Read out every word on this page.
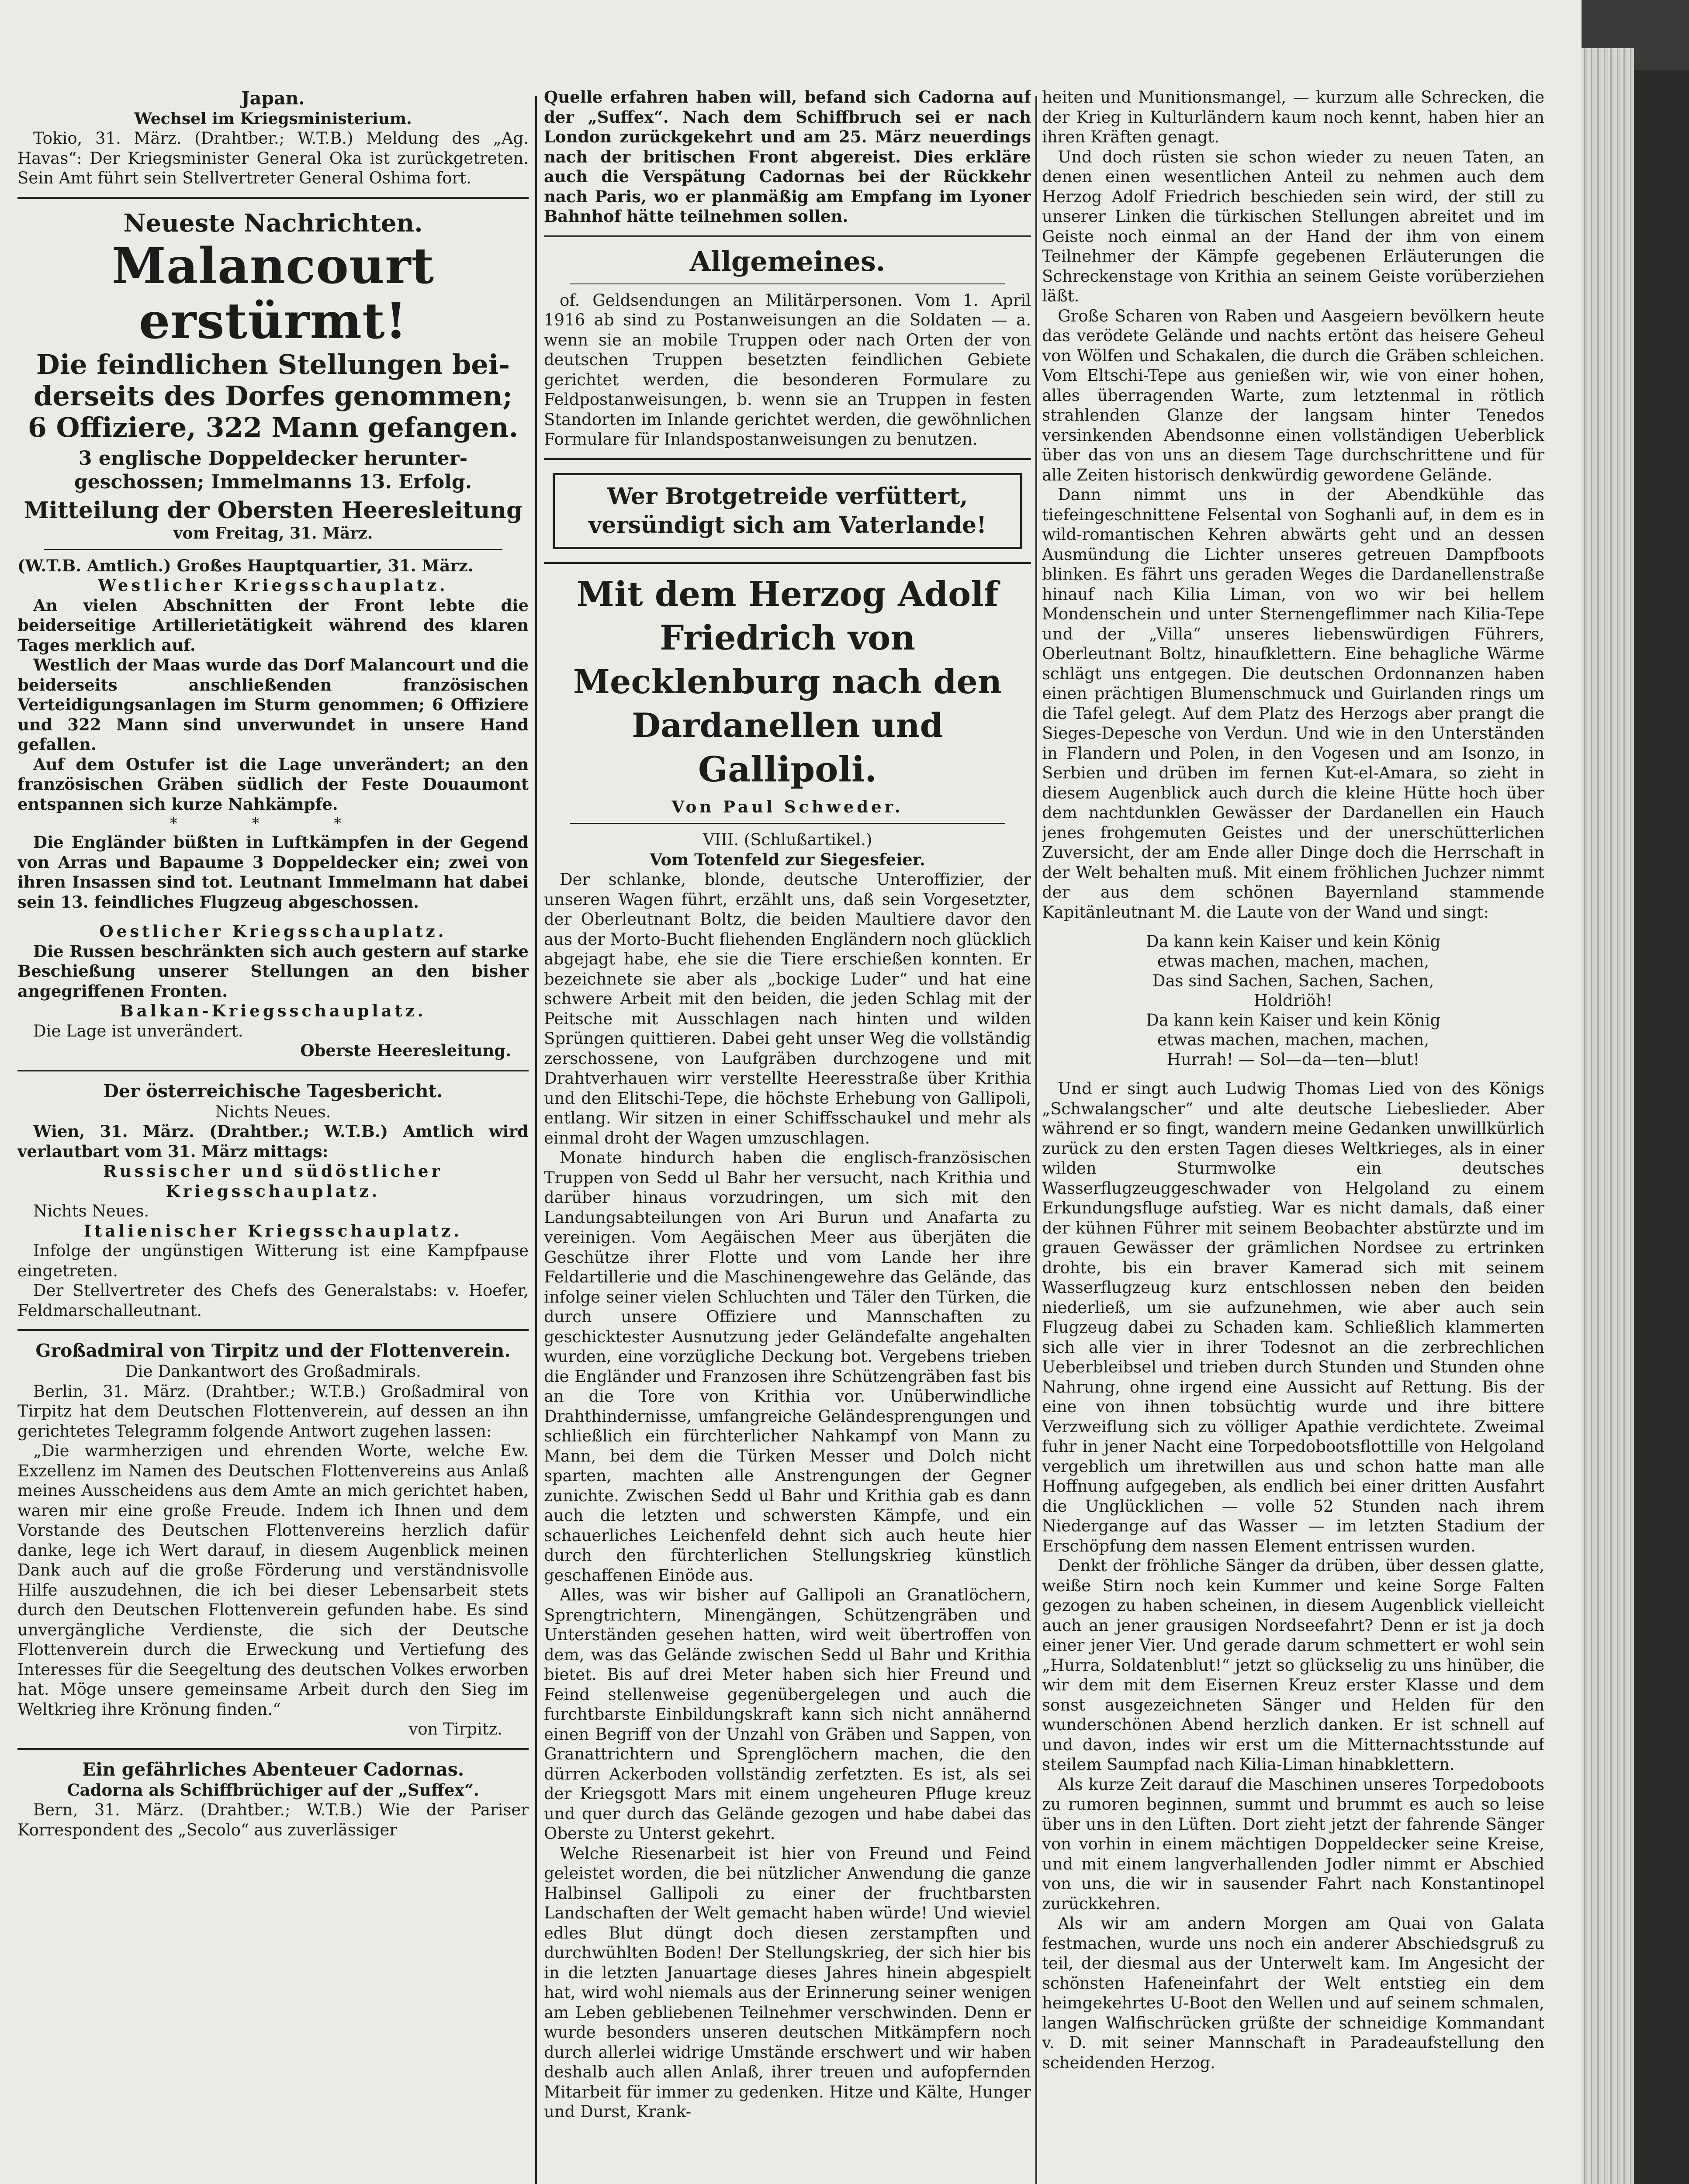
Japan.
Wechsel im Kriegsministerium.
Tokio, 31. März. (Drahtber.; W.T.B.) Meldung des „Ag. Havas“: Der Kriegsminister General Oka ist zurückgetreten. Sein Amt führt sein Stellvertreter General Oshima fort.
Neueste Nachrichten.
Malancourt erstürmt!
Die feindlichen Stellungen bei-
derseits des Dorfes genommen;
6 Offiziere, 322 Mann gefangen.
3 englische Doppeldecker herunter-
geschossen; Immelmanns 13. Erfolg.
Mitteilung der Obersten Heeresleitung
vom Freitag, 31. März.
(W.T.B. Amtlich.) Großes Hauptquartier, 31. März.
Westlicher Kriegsschauplatz.
An vielen Abschnitten der Front lebte die beiderseitige Artillerietätigkeit während des klaren Tages merklich auf.
Westlich der Maas wurde das Dorf Malancourt und die beiderseits anschließenden französischen Verteidigungsanlagen im Sturm genommen; 6 Offiziere und 322 Mann sind unverwundet in unsere Hand gefallen.
Auf dem Ostufer ist die Lage unverändert; an den französischen Gräben südlich der Feste Douaumont entspannen sich kurze Nahkämpfe.
* * *
Die Engländer büßten in Luftkämpfen in der Gegend von Arras und Bapaume 3 Doppeldecker ein; zwei von ihren Insassen sind tot. Leutnant Immelmann hat dabei sein 13. feindliches Flugzeug abgeschossen.
Oestlicher Kriegsschauplatz.
Die Russen beschränkten sich auch gestern auf starke Beschießung unserer Stellungen an den bisher angegriffenen Fronten.
Balkan-Kriegsschauplatz.
Die Lage ist unverändert.
Oberste Heeresleitung.
Der österreichische Tagesbericht.
Nichts Neues.
Wien, 31. März. (Drahtber.; W.T.B.) Amtlich wird verlautbart vom 31. März mittags:
Russischer und südöstlicher Kriegsschauplatz.
Nichts Neues.
Italienischer Kriegsschauplatz.
Infolge der ungünstigen Witterung ist eine Kampfpause eingetreten.
Der Stellvertreter des Chefs des Generalstabs: v. Hoefer, Feldmarschalleutnant.
Großadmiral von Tirpitz und der Flottenverein.
Die Dankantwort des Großadmirals.
Berlin, 31. März. (Drahtber.; W.T.B.) Großadmiral von Tirpitz hat dem Deutschen Flottenverein, auf dessen an ihn gerichtetes Telegramm folgende Antwort zugehen lassen:
„Die warmherzigen und ehrenden Worte, welche Ew. Exzellenz im Namen des Deutschen Flottenvereins aus Anlaß meines Ausscheidens aus dem Amte an mich gerichtet haben, waren mir eine große Freude. Indem ich Ihnen und dem Vorstande des Deutschen Flottenvereins herzlich dafür danke, lege ich Wert darauf, in diesem Augenblick meinen Dank auch auf die große Förderung und verständnisvolle Hilfe auszudehnen, die ich bei dieser Lebensarbeit stets durch den Deutschen Flottenverein gefunden habe. Es sind unvergängliche Verdienste, die sich der Deutsche Flottenverein durch die Erweckung und Vertiefung des Interesses für die Seegeltung des deutschen Volkes erworben hat. Möge unsere gemeinsame Arbeit durch den Sieg im Weltkrieg ihre Krönung finden.“
von Tirpitz.
Ein gefährliches Abenteuer Cadornas.
Cadorna als Schiffbrüchiger auf der „Suffex“.
Bern, 31. März. (Drahtber.; W.T.B.) Wie der Pariser Korrespondent des „Secolo“ aus zuverlässiger
Quelle erfahren haben will, befand sich Cadorna auf der „Suffex“. Nach dem Schiffbruch sei er nach London zurückgekehrt und am 25. März neuerdings nach der britischen Front abgereist. Dies erkläre auch die Verspätung Cadornas bei der Rückkehr nach Paris, wo er planmäßig am Empfang im Lyoner Bahnhof hätte teilnehmen sollen.
Allgemeines.
of. Geldsendungen an Militärpersonen. Vom 1. April 1916 ab sind zu Postanweisungen an die Soldaten — a. wenn sie an mobile Truppen oder nach Orten der von deutschen Truppen besetzten feindlichen Gebiete gerichtet werden, die besonderen Formulare zu Feldpostanweisungen, b. wenn sie an Truppen in festen Standorten im Inlande gerichtet werden, die gewöhnlichen Formulare für Inlandspostanweisungen zu benutzen.
Wer Brotgetreide verfüttert,
versündigt sich am Vaterlande!
Mit dem Herzog Adolf Friedrich von
Mecklenburg nach den Dardanellen und
Gallipoli.
Von Paul Schweder.
VIII. (Schlußartikel.)
Vom Totenfeld zur Siegesfeier.
Der schlanke, blonde, deutsche Unteroffizier, der unseren Wagen führt, erzählt uns, daß sein Vorgesetzter, der Oberleutnant Boltz, die beiden Maultiere davor den aus der Morto-Bucht fliehenden Engländern noch glücklich abgejagt habe, ehe sie die Tiere erschießen konnten. Er bezeichnete sie aber als „bockige Luder“ und hat eine schwere Arbeit mit den beiden, die jeden Schlag mit der Peitsche mit Ausschlagen nach hinten und wilden Sprüngen quittieren. Dabei geht unser Weg die vollständig zerschossene, von Laufgräben durchzogene und mit Drahtverhauen wirr verstellte Heeresstraße über Krithia und den Elitschi-Tepe, die höchste Erhebung von Gallipoli, entlang. Wir sitzen in einer Schiffsschaukel und mehr als einmal droht der Wagen umzuschlagen.
Monate hindurch haben die englisch-französischen Truppen von Sedd ul Bahr her versucht, nach Krithia und darüber hinaus vorzudringen, um sich mit den Landungsabteilungen von Ari Burun und Anafarta zu vereinigen. Vom Aegäischen Meer aus überjäten die Geschütze ihrer Flotte und vom Lande her ihre Feldartillerie und die Maschinengewehre das Gelände, das infolge seiner vielen Schluchten und Täler den Türken, die durch unsere Offiziere und Mannschaften zu geschicktester Ausnutzung jeder Geländefalte angehalten wurden, eine vorzügliche Deckung bot. Vergebens trieben die Engländer und Franzosen ihre Schützengräben fast bis an die Tore von Krithia vor. Unüberwindliche Drahthindernisse, umfangreiche Geländesprengungen und schließlich ein fürchterlicher Nahkampf von Mann zu Mann, bei dem die Türken Messer und Dolch nicht sparten, machten alle Anstrengungen der Gegner zunichte. Zwischen Sedd ul Bahr und Krithia gab es dann auch die letzten und schwersten Kämpfe, und ein schauerliches Leichenfeld dehnt sich auch heute hier durch den fürchterlichen Stellungskrieg künstlich geschaffenen Einöde aus.
Alles, was wir bisher auf Gallipoli an Granatlöchern, Sprengtrichtern, Minengängen, Schützengräben und Unterständen gesehen hatten, wird weit übertroffen von dem, was das Gelände zwischen Sedd ul Bahr und Krithia bietet. Bis auf drei Meter haben sich hier Freund und Feind stellenweise gegenübergelegen und auch die furchtbarste Einbildungskraft kann sich nicht annähernd einen Begriff von der Unzahl von Gräben und Sappen, von Granattrichtern und Sprenglöchern machen, die den dürren Ackerboden vollständig zerfetzten. Es ist, als sei der Kriegsgott Mars mit einem ungeheuren Pfluge kreuz und quer durch das Gelände gezogen und habe dabei das Oberste zu Unterst gekehrt.
Welche Riesenarbeit ist hier von Freund und Feind geleistet worden, die bei nützlicher Anwendung die ganze Halbinsel Gallipoli zu einer der fruchtbarsten Landschaften der Welt gemacht haben würde! Und wieviel edles Blut düngt doch diesen zerstampften und durchwühlten Boden! Der Stellungskrieg, der sich hier bis in die letzten Januartage dieses Jahres hinein abgespielt hat, wird wohl niemals aus der Erinnerung seiner wenigen am Leben gebliebenen Teilnehmer verschwinden. Denn er wurde besonders unseren deutschen Mitkämpfern noch durch allerlei widrige Umstände erschwert und wir haben deshalb auch allen Anlaß, ihrer treuen und aufopfernden Mitarbeit für immer zu gedenken. Hitze und Kälte, Hunger und Durst, Krank-
heiten und Munitionsmangel, — kurzum alle Schrecken, die der Krieg in Kulturländern kaum noch kennt, haben hier an ihren Kräften genagt.
Und doch rüsten sie schon wieder zu neuen Taten, an denen einen wesentlichen Anteil zu nehmen auch dem Herzog Adolf Friedrich beschieden sein wird, der still zu unserer Linken die türkischen Stellungen abreitet und im Geiste noch einmal an der Hand der ihm von einem Teilnehmer der Kämpfe gegebenen Erläuterungen die Schreckenstage von Krithia an seinem Geiste vorüberziehen läßt.
Große Scharen von Raben und Aasgeiern bevölkern heute das verödete Gelände und nachts ertönt das heisere Geheul von Wölfen und Schakalen, die durch die Gräben schleichen. Vom Eltschi-Tepe aus genießen wir, wie von einer hohen, alles überragenden Warte, zum letztenmal in rötlich strahlenden Glanze der langsam hinter Tenedos versinkenden Abendsonne einen vollständigen Ueberblick über das von uns an diesem Tage durchschrittene und für alle Zeiten historisch denkwürdig gewordene Gelände.
Dann nimmt uns in der Abendkühle das tiefeingeschnittene Felsental von Soghanli auf, in dem es in wild-romantischen Kehren abwärts geht und an dessen Ausmündung die Lichter unseres getreuen Dampfboots blinken. Es fährt uns geraden Weges die Dardanellenstraße hinauf nach Kilia Liman, von wo wir bei hellem Mondenschein und unter Sternengeflimmer nach Kilia-Tepe und der „Villa“ unseres liebenswürdigen Führers, Oberleutnant Boltz, hinaufklettern. Eine behagliche Wärme schlägt uns entgegen. Die deutschen Ordonnanzen haben einen prächtigen Blumenschmuck und Guirlanden rings um die Tafel gelegt. Auf dem Platz des Herzogs aber prangt die Sieges-Depesche von Verdun. Und wie in den Unterständen in Flandern und Polen, in den Vogesen und am Isonzo, in Serbien und drüben im fernen Kut-el-Amara, so zieht in diesem Augenblick auch durch die kleine Hütte hoch über dem nachtdunklen Gewässer der Dardanellen ein Hauch jenes frohgemuten Geistes und der unerschütterlichen Zuversicht, der am Ende aller Dinge doch die Herrschaft in der Welt behalten muß. Mit einem fröhlichen Juchzer nimmt der aus dem schönen Bayernland stammende Kapitänleutnant M. die Laute von der Wand und singt:
Da kann kein Kaiser und kein König
etwas machen, machen, machen,
Das sind Sachen, Sachen, Sachen,
Holdriöh!
Da kann kein Kaiser und kein König
etwas machen, machen, machen,
Hurrah! — Sol—da—ten—blut!
Und er singt auch Ludwig Thomas Lied von des Königs „Schwalangscher“ und alte deutsche Liebeslieder. Aber während er so fingt, wandern meine Gedanken unwillkürlich zurück zu den ersten Tagen dieses Weltkrieges, als in einer wilden Sturmwolke ein deutsches Wasserflugzeuggeschwader von Helgoland zu einem Erkundungsfluge aufstieg. War es nicht damals, daß einer der kühnen Führer mit seinem Beobachter abstürzte und im grauen Gewässer der grämlichen Nordsee zu ertrinken drohte, bis ein braver Kamerad sich mit seinem Wasserflugzeug kurz entschlossen neben den beiden niederließ, um sie aufzunehmen, wie aber auch sein Flugzeug dabei zu Schaden kam. Schließlich klammerten sich alle vier in ihrer Todesnot an die zerbrechlichen Ueberbleibsel und trieben durch Stunden und Stunden ohne Nahrung, ohne irgend eine Aussicht auf Rettung. Bis der eine von ihnen tobsüchtig wurde und ihre bittere Verzweiflung sich zu völliger Apathie verdichtete. Zweimal fuhr in jener Nacht eine Torpedobootsflottille von Helgoland vergeblich um ihretwillen aus und schon hatte man alle Hoffnung aufgegeben, als endlich bei einer dritten Ausfahrt die Unglücklichen — volle 52 Stunden nach ihrem Niedergange auf das Wasser — im letzten Stadium der Erschöpfung dem nassen Element entrissen wurden.
Denkt der fröhliche Sänger da drüben, über dessen glatte, weiße Stirn noch kein Kummer und keine Sorge Falten gezogen zu haben scheinen, in diesem Augenblick vielleicht auch an jener grausigen Nordseefahrt? Denn er ist ja doch einer jener Vier. Und gerade darum schmettert er wohl sein „Hurra, Soldatenblut!“ jetzt so glückselig zu uns hinüber, die wir dem mit dem Eisernen Kreuz erster Klasse und dem sonst ausgezeichneten Sänger und Helden für den wunderschönen Abend herzlich danken. Er ist schnell auf und davon, indes wir erst um die Mitternachtsstunde auf steilem Saumpfad nach Kilia-Liman hinabklettern.
Als kurze Zeit darauf die Maschinen unseres Torpedoboots zu rumoren beginnen, summt und brummt es auch so leise über uns in den Lüften. Dort zieht jetzt der fahrende Sänger von vorhin in einem mächtigen Doppeldecker seine Kreise, und mit einem langverhallenden Jodler nimmt er Abschied von uns, die wir in sausender Fahrt nach Konstantinopel zurückkehren.
Als wir am andern Morgen am Quai von Galata festmachen, wurde uns noch ein anderer Abschiedsgruß zu teil, der diesmal aus der Unterwelt kam. Im Angesicht der schönsten Hafeneinfahrt der Welt entstieg ein dem heimgekehrtes U-Boot den Wellen und auf seinem schmalen, langen Walfischrücken grüßte der schneidige Kommandant v. D. mit seiner Mannschaft in Paradeaufstellung den scheidenden Herzog.
